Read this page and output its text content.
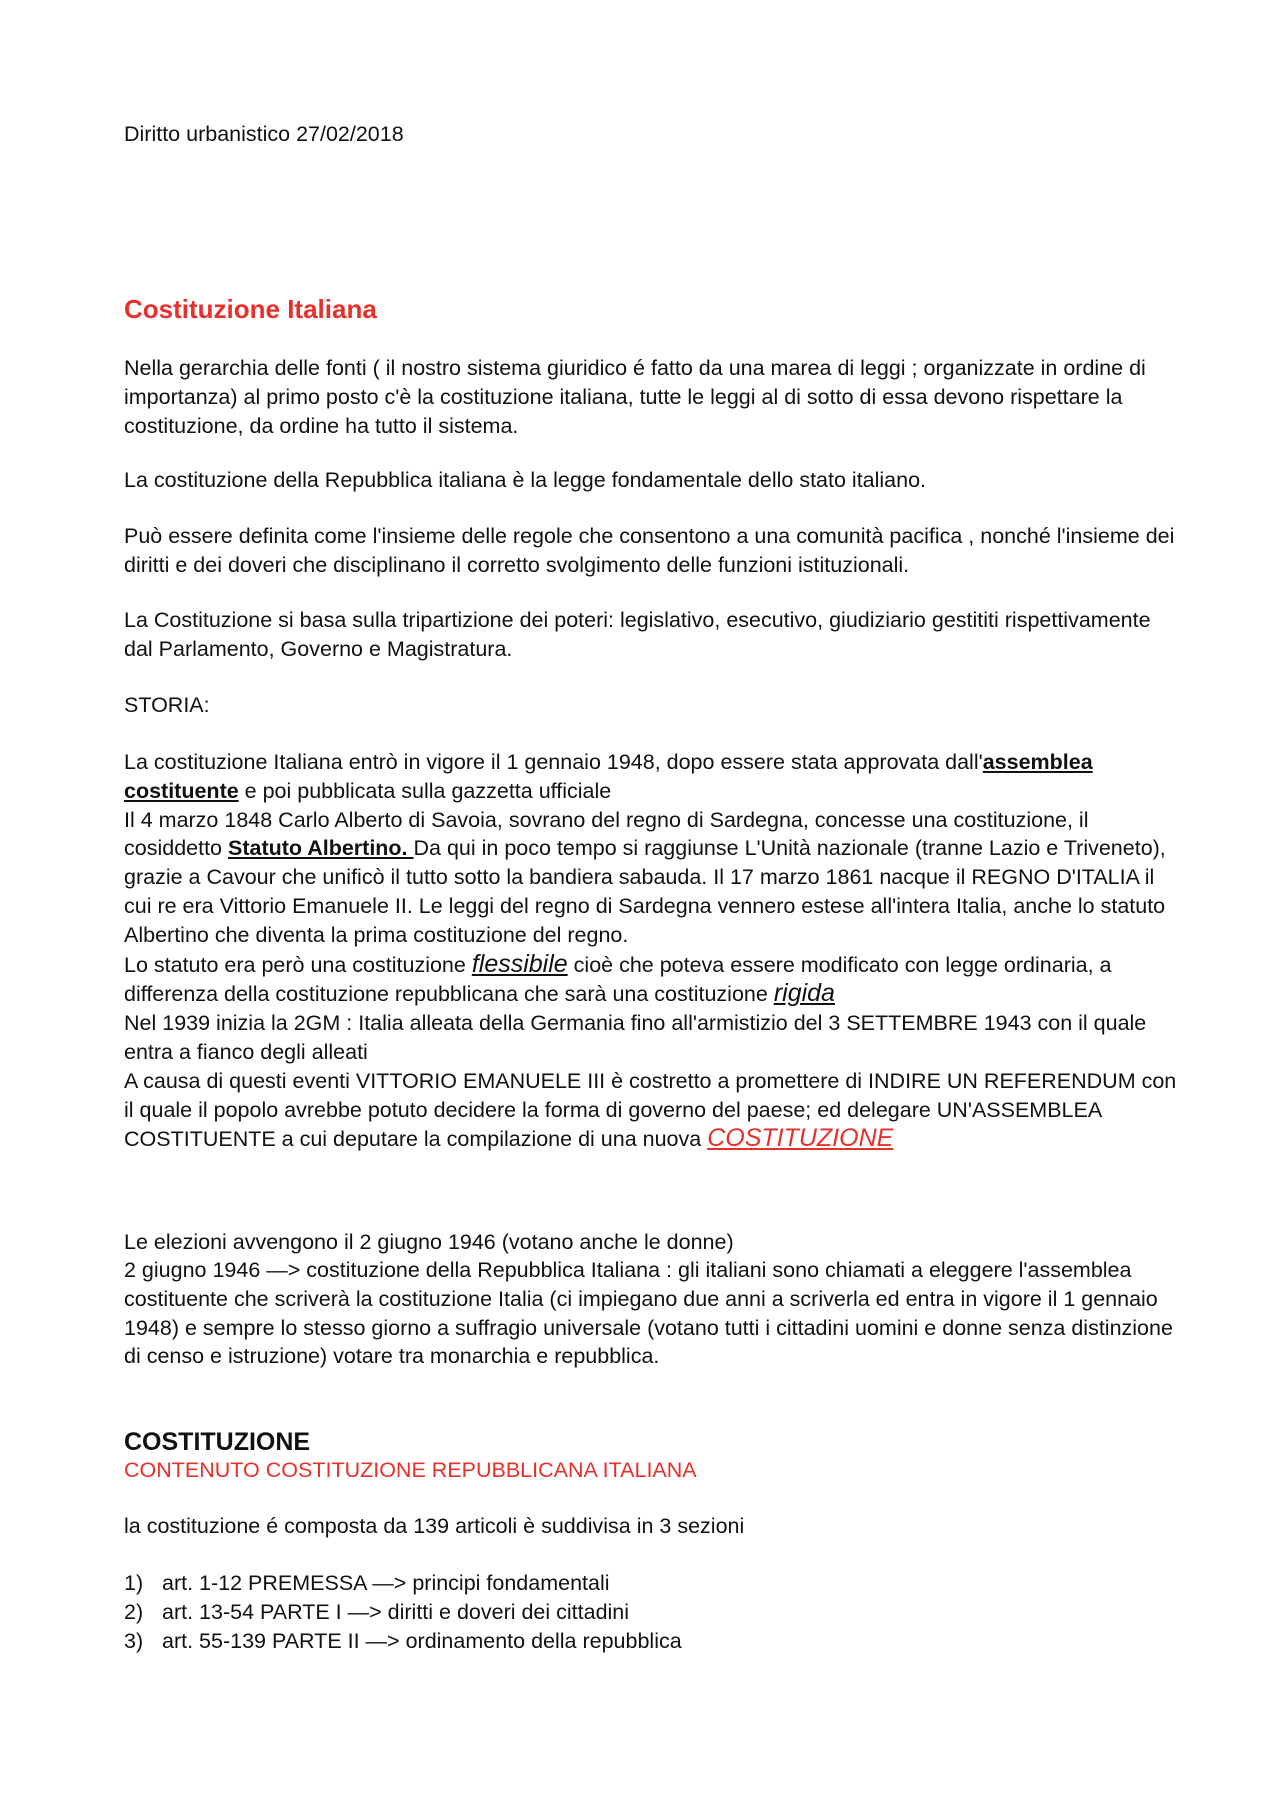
Diritto urbanistico 27/02/2018

Costituzione Italiana

Nella gerarchia delle fonti ( il nostro sistema giuridico é fatto da una marea di leggi ; organizzate in ordine di importanza) al primo posto c'è la costituzione italiana, tutte le leggi al di sotto di essa devono rispettare la costituzione, da ordine ha tutto il sistema.

La costituzione della Repubblica italiana è la legge fondamentale dello stato italiano.

Può essere definita come l'insieme delle regole che consentono a una comunità pacifica , nonché l'insieme dei diritti e dei doveri che disciplinano il corretto svolgimento delle funzioni istituzionali.

La Costituzione si basa sulla tripartizione dei poteri: legislativo, esecutivo, giudiziario gestititi rispettivamente dal Parlamento, Governo e Magistratura.

STORIA:

La costituzione Italiana entrò in vigore il 1 gennaio 1948, dopo essere stata approvata dall'assemblea costituente e poi pubblicata sulla gazzetta ufficiale

Il 4 marzo 1848 Carlo Alberto di Savoia, sovrano del regno di Sardegna, concesse una costituzione, il cosiddetto Statuto Albertino. Da qui in poco tempo si raggiunse L'Unità nazionale (tranne Lazio e Triveneto), grazie a Cavour che unificò il tutto sotto la bandiera sabauda. Il 17 marzo 1861 nacque il REGNO D'ITALIA il cui re era Vittorio Emanuele II. Le leggi del regno di Sardegna vennero estese all'intera Italia, anche lo statuto Albertino che diventa la prima costituzione del regno.

Lo statuto era però una costituzione flessibile cioè che poteva essere modificato con legge ordinaria, a differenza della costituzione repubblicana che sarà una costituzione rigida

Nel 1939 inizia la 2GM : Italia alleata della Germania fino all'armistizio del 3 SETTEMBRE 1943 con il quale entra a fianco degli alleati

A causa di questi eventi VITTORIO EMANUELE III è costretto a promettere di INDIRE UN REFERENDUM con il quale il popolo avrebbe potuto decidere la forma di governo del paese; ed delegare UN'ASSEMBLEA COSTITUENTE a cui deputare la compilazione di una nuova COSTITUZIONE

Le elezioni avvengono il 2 giugno 1946 (votano anche le donne)

2 giugno 1946 —> costituzione della Repubblica Italiana : gli italiani sono chiamati a eleggere l'assemblea costituente che scriverà la costituzione Italia (ci impiegano due anni a scriverla ed entra in vigore il 1 gennaio 1948) e sempre lo stesso giorno a suffragio universale (votano tutti i cittadini uomini e donne senza distinzione di censo e istruzione) votare tra monarchia e repubblica.

COSTITUZIONE

CONTENUTO COSTITUZIONE REPUBBLICANA ITALIANA

la costituzione é composta da 139 articoli è suddivisa in 3 sezioni

1) art. 1-12 PREMESSA —> principi fondamentali
2) art. 13-54 PARTE I —> diritti e doveri dei cittadini
3) art. 55-139 PARTE II —> ordinamento della repubblica
